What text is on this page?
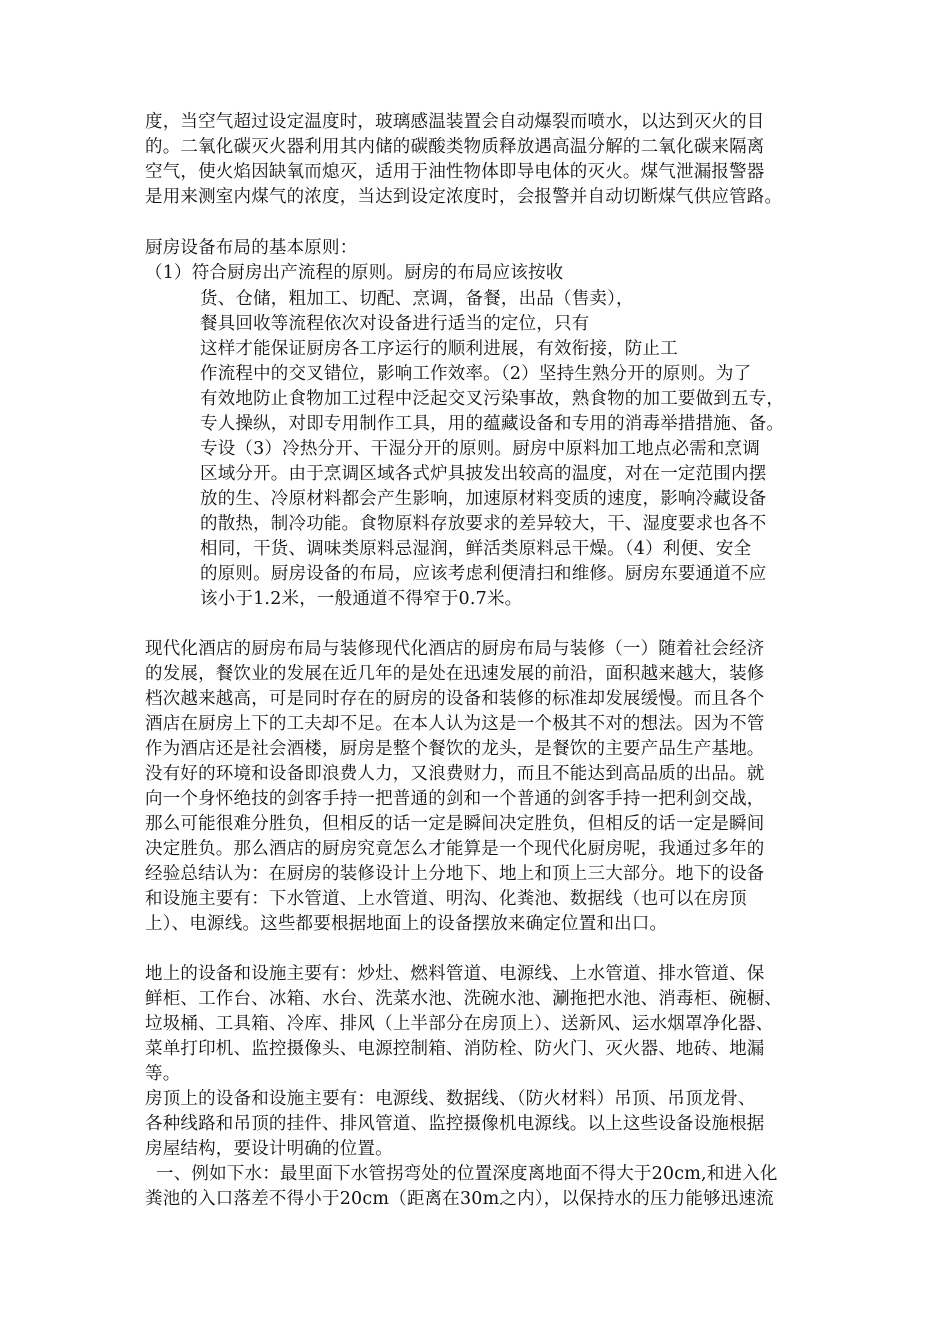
度，当空气超过设定温度时，玻璃感温装置会自动爆裂而喷水，以达到灭火的目
的。二氧化碳灭火器利用其内储的碳酸类物质释放遇高温分解的二氧化碳来隔离
空气，使火焰因缺氧而熄灭，适用于油性物体即导电体的灭火。煤气泄漏报警器
是用来测室内煤气的浓度，当达到设定浓度时，会报警并自动切断煤气供应管路。
厨房设备布局的基本原则：
（1）符合厨房出产流程的原则。厨房的布局应该按收
货、仓储，粗加工、切配、烹调，备餐，出品（售卖），
餐具回收等流程依次对设备进行适当的定位，只有
这样才能保证厨房各工序运行的顺利进展，有效衔接，防止工
作流程中的交叉错位，影响工作效率。（2）坚持生熟分开的原则。为了
有效地防止食物加工过程中泛起交叉污染事故，熟食物的加工要做到五专，
专人操纵，对即专用制作工具，用的蕴藏设备和专用的消毒举措措施、备。
专设（3）冷热分开、干湿分开的原则。厨房中原料加工地点必需和烹调
区域分开。由于烹调区域各式炉具披发出较高的温度，对在一定范围内摆
放的生、冷原材料都会产生影响，加速原材料变质的速度，影响冷藏设备
的散热，制冷功能。食物原料存放要求的差异较大，干、湿度要求也各不
相同，干货、调味类原料忌湿润，鲜活类原料忌干燥。（4）利便、安全
的原则。厨房设备的布局，应该考虑利便清扫和维修。厨房东要通道不应
该小于1.2米，一般通道不得窄于0.7米。
现代化酒店的厨房布局与装修现代化酒店的厨房布局与装修（一）随着社会经济
的发展，餐饮业的发展在近几年的是处在迅速发展的前沿，面积越来越大，装修
档次越来越高，可是同时存在的厨房的设备和装修的标准却发展缓慢。而且各个
酒店在厨房上下的工夫却不足。在本人认为这是一个极其不对的想法。因为不管
作为酒店还是社会酒楼，厨房是整个餐饮的龙头，是餐饮的主要产品生产基地。
没有好的环境和设备即浪费人力，又浪费财力，而且不能达到高品质的出品。就
向一个身怀绝技的剑客手持一把普通的剑和一个普通的剑客手持一把利剑交战，
那么可能很难分胜负，但相反的话一定是瞬间决定胜负，但相反的话一定是瞬间
决定胜负。那么酒店的厨房究竟怎么才能算是一个现代化厨房呢，我通过多年的
经验总结认为：在厨房的装修设计上分地下、地上和顶上三大部分。地下的设备
和设施主要有：下水管道、上水管道、明沟、化粪池、数据线（也可以在房顶
上）、电源线。这些都要根据地面上的设备摆放来确定位置和出口。
地上的设备和设施主要有：炒灶、燃料管道、电源线、上水管道、排水管道、保
鲜柜、工作台、冰箱、水台、洗菜水池、洗碗水池、涮拖把水池、消毒柜、碗橱、
垃圾桶、工具箱、冷库、排风（上半部分在房顶上）、送新风、运水烟罩净化器、
菜单打印机、监控摄像头、电源控制箱、消防栓、防火门、灭火器、地砖、地漏
等。
房顶上的设备和设施主要有：电源线、数据线、（防火材料）吊顶、吊顶龙骨、
各种线路和吊顶的挂件、排风管道、监控摄像机电源线。以上这些设备设施根据
房屋结构，要设计明确的位置。
一、例如下水：最里面下水管拐弯处的位置深度离地面不得大于20cm,和进入化
粪池的入口落差不得小于20cm（距离在30m之内），以保持水的压力能够迅速流
